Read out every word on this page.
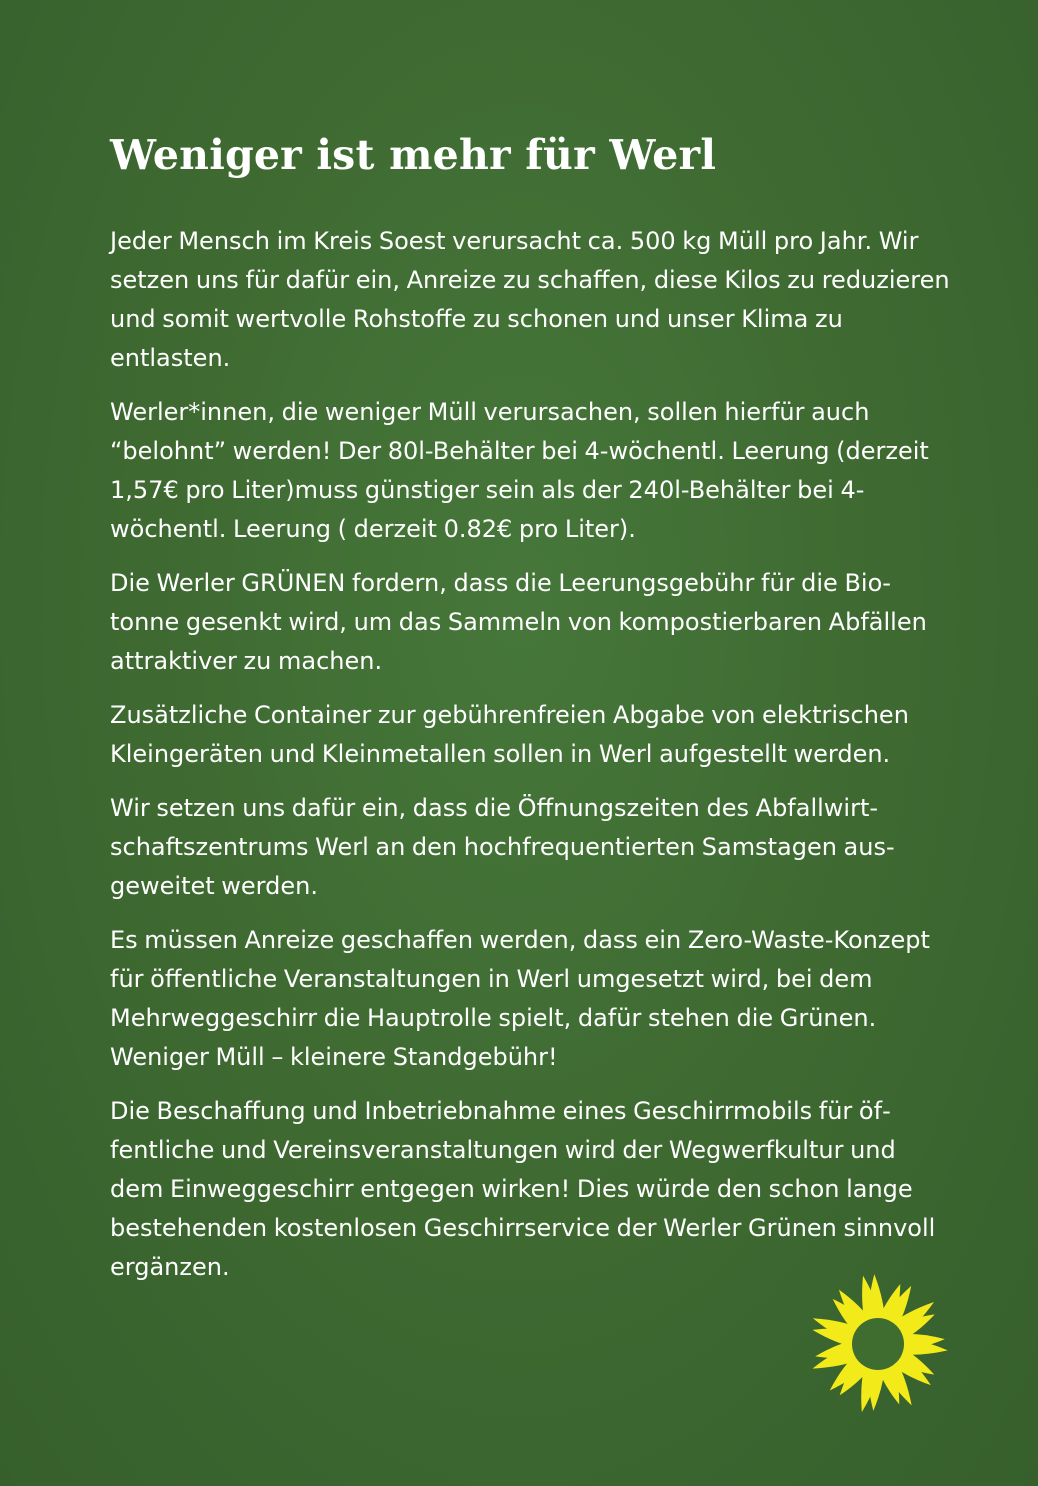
Weniger ist mehr für Werl

Jeder Mensch im Kreis Soest verursacht ca. 500 kg Müll pro Jahr. Wir setzen uns für dafür ein, Anreize zu schaffen, diese Kilos zu reduzieren und somit wertvolle Rohstoffe zu schonen und unser Klima zu entlasten.

Werler*innen, die weniger Müll verursachen, sollen hierfür auch “belohnt” werden! Der 80l-Behälter bei 4-wöchentl. Leerung (derzeit 1,57€ pro Liter)muss günstiger sein als der 240l-Behälter bei 4-wöchentl. Leerung ( derzeit 0.82€ pro Liter).

Die Werler GRÜNEN fordern, dass die Leerungsgebühr für die Biotonne gesenkt wird, um das Sammeln von kompostierbaren Abfällen attraktiver zu machen.

Zusätzliche Container zur gebührenfreien Abgabe von elektrischen Kleingeräten und Kleinmetallen sollen in Werl aufgestellt werden.

Wir setzen uns dafür ein, dass die Öffnungszeiten des Abfallwirtschaftszentrums Werl an den hochfrequentierten Samstagen ausgeweitet werden.

Es müssen Anreize geschaffen werden, dass ein Zero-Waste-Konzept für öffentliche Veranstaltungen in Werl umgesetzt wird, bei dem Mehrweggeschirr die Hauptrolle spielt, dafür stehen die Grünen. Weniger Müll – kleinere Standgebühr!

Die Beschaffung und Inbetriebnahme eines Geschirrmobils für öffentliche und Vereinsveranstaltungen wird der Wegwerfkultur und dem Einweggeschirr entgegen wirken! Dies würde den schon lange bestehenden kostenlosen Geschirrservice der Werler Grünen sinnvoll ergänzen.
